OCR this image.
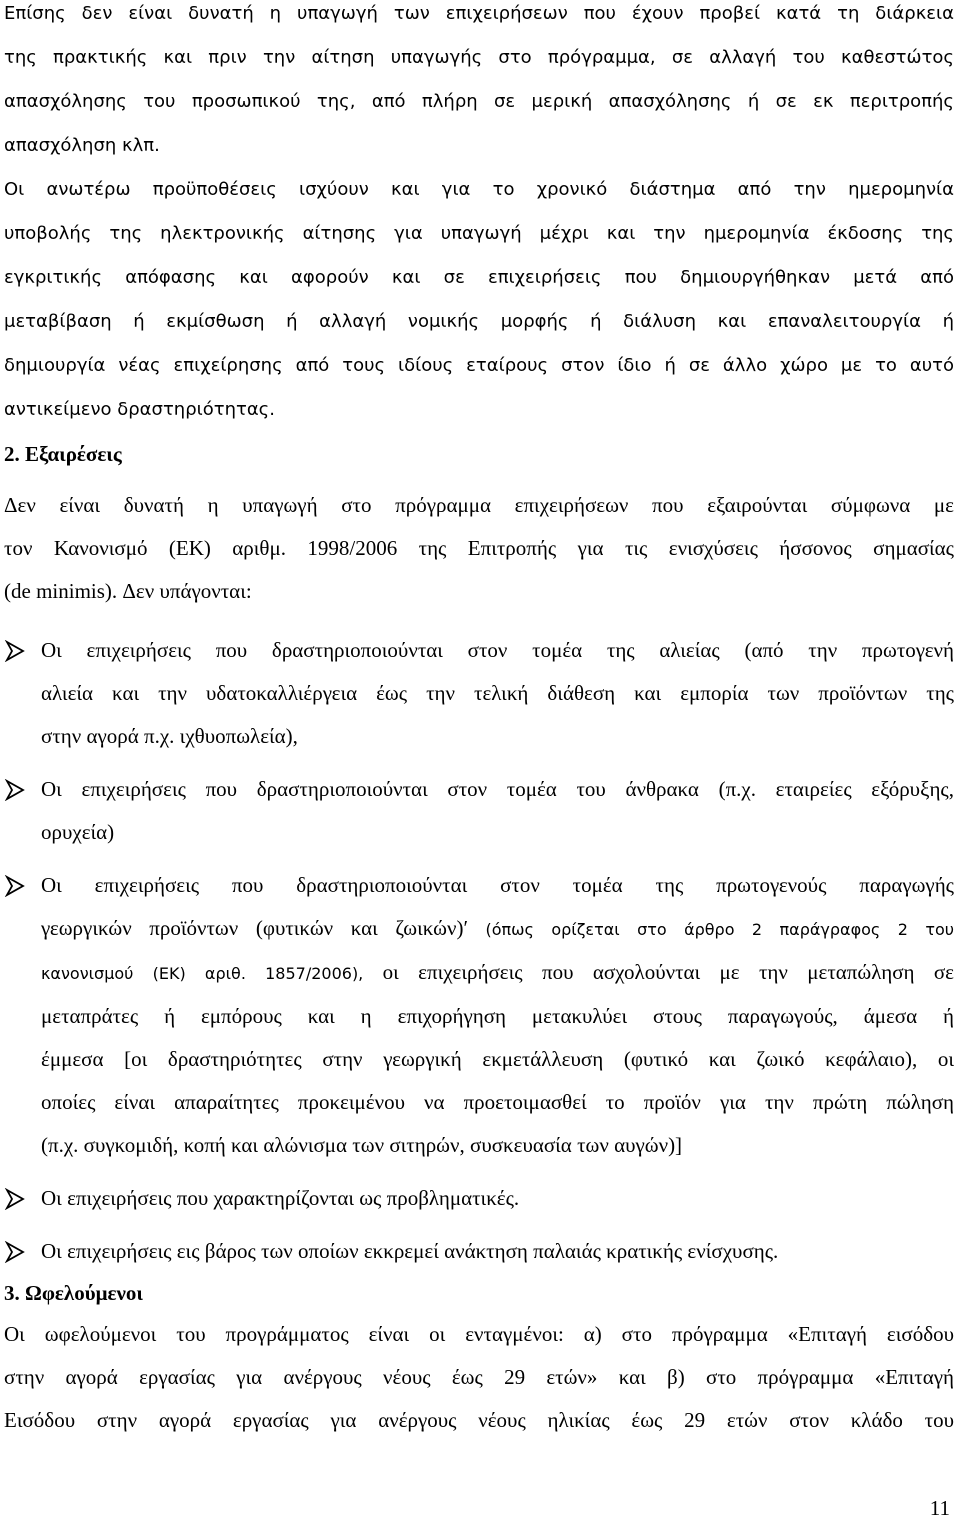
Επίσης δεν είναι δυνατή η υπαγωγή των επιχειρήσεων που έχουν προβεί κατά τη διάρκεια
της πρακτικής και πριν την αίτηση υπαγωγής στο πρόγραμμα, σε αλλαγή του καθεστώτος
απασχόλησης του προσωπικού της, από πλήρη σε μερική απασχόλησης ή σε εκ περιτροπής
απασχόληση κλπ.

Οι ανωτέρω προϋποθέσεις ισχύουν και για το χρονικό διάστημα από την ημερομηνία
υποβολής της ηλεκτρονικής αίτησης για υπαγωγή μέχρι και την ημερομηνία έκδοσης της
εγκριτικής απόφασης και αφορούν και σε επιχειρήσεις που δημιουργήθηκαν μετά από
μεταβίβαση ή εκμίσθωση ή αλλαγή νομικής μορφής ή διάλυση και επαναλειτουργία ή
δημιουργία νέας επιχείρησης από τους ιδίους εταίρους στον ίδιο ή σε άλλο χώρο με το αυτό
αντικείμενο δραστηριότητας.

2. Εξαιρέσεις

Δεν είναι δυνατή η υπαγωγή στο πρόγραμμα επιχειρήσεων που εξαιρούνται σύμφωνα με
τον Κανονισμό (ΕΚ) αριθμ. 1998/2006 της Επιτροπής για τις ενισχύσεις ήσσονος σημασίας
(de minimis). Δεν υπάγονται:

Οι επιχειρήσεις που δραστηριοποιούνται στον τομέα της αλιείας (από την πρωτογενή
αλιεία και την υδατοκαλλιέργεια έως την τελική διάθεση και εμπορία των προϊόντων της
στην αγορά π.χ. ιχθυοπωλεία),
Οι επιχειρήσεις που δραστηριοποιούνται στον τομέα του άνθρακα (π.χ. εταιρείες εξόρυξης,
ορυχεία)
Οι επιχειρήσεις που δραστηριοποιούνται στον τομέα της πρωτογενούς παραγωγής
γεωργικών προϊόντων (φυτικών και ζωικών)′ (όπως ορίζεται στο άρθρο 2 παράγραφος 2 του
κανονισμού (ΕΚ) αριθ. 1857/2006), οι επιχειρήσεις που ασχολούνται με την μεταπώληση σε
μεταπράτες ή εμπόρους και η επιχορήγηση μετακυλύει στους παραγωγούς, άμεσα ή
έμμεσα [οι δραστηριότητες στην γεωργική εκμετάλλευση (φυτικό και ζωικό κεφάλαιο), οι
οποίες είναι απαραίτητες προκειμένου να προετοιμασθεί το προϊόν για την πρώτη πώληση
(π.χ. συγκομιδή, κοπή και αλώνισμα των σιτηρών, συσκευασία των αυγών)]
Οι επιχειρήσεις που χαρακτηρίζονται ως προβληματικές.
Οι επιχειρήσεις εις βάρος των οποίων εκκρεμεί ανάκτηση παλαιάς κρατικής ενίσχυσης.
3. Ωφελούμενοι

Οι ωφελούμενοι του προγράμματος είναι οι ενταγμένοι: α) στο πρόγραμμα «Επιταγή εισόδου
στην αγορά εργασίας για ανέργους νέους έως 29 ετών» και β) στο πρόγραμμα «Επιταγή
Εισόδου στην αγορά εργασίας για ανέργους νέους ηλικίας έως 29 ετών στον κλάδο του

11
